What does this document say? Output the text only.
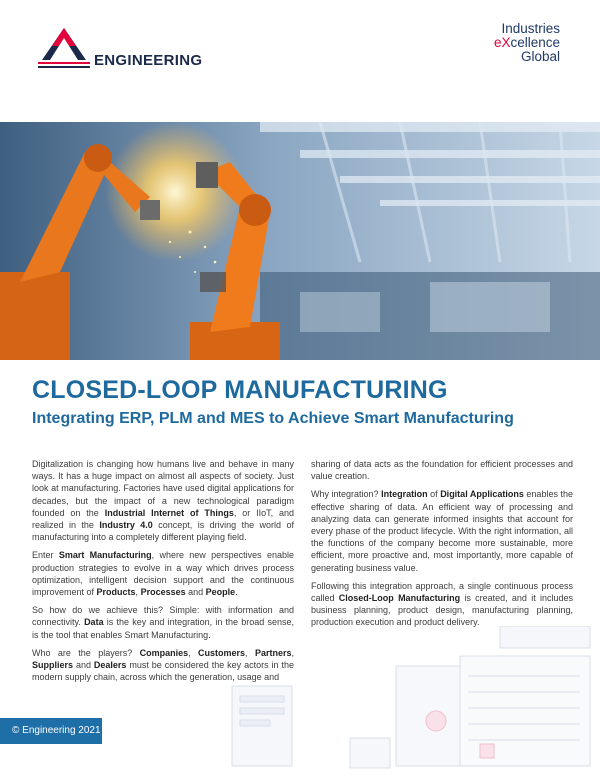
ENGINEERING
Industries
eXcellence
Global
CLOSED-LOOP MANUFACTURING
Integrating ERP, PLM and MES to Achieve Smart Manufacturing

Digitalization is changing how humans live and behave in many ways. It has a huge impact on almost all aspects of society. Just look at manufacturing. Factories have used digital applications for decades, but the impact of a new technological paradigm founded on the Industrial Internet of Things, or IIoT, and realized in the Industry 4.0 concept, is driving the world of manufacturing into a completely different playing field.

Enter Smart Manufacturing, where new perspectives enable production strategies to evolve in a way which drives process optimization, intelligent decision support and the continuous improvement of Products, Processes and People.

So how do we achieve this? Simple: with information and connectivity. Data is the key and integration, in the broad sense, is the tool that enables Smart Manufacturing.

Who are the players? Companies, Customers, Partners, Suppliers and Dealers must be considered the key actors in the modern supply chain, across which the generation, usage and

sharing of data acts as the foundation for efficient processes and value creation.

Why integration? Integration of Digital Applications enables the effective sharing of data. An efficient way of processing and analyzing data can generate informed insights that account for every phase of the product lifecycle. With the right information, all the functions of the company become more sustainable, more efficient, more proactive and, most importantly, more capable of generating business value.

Following this integration approach, a single continuous process called Closed-Loop Manufacturing is created, and it includes business planning, product design, manufacturing planning, production execution and product delivery.

© Engineering 2021
